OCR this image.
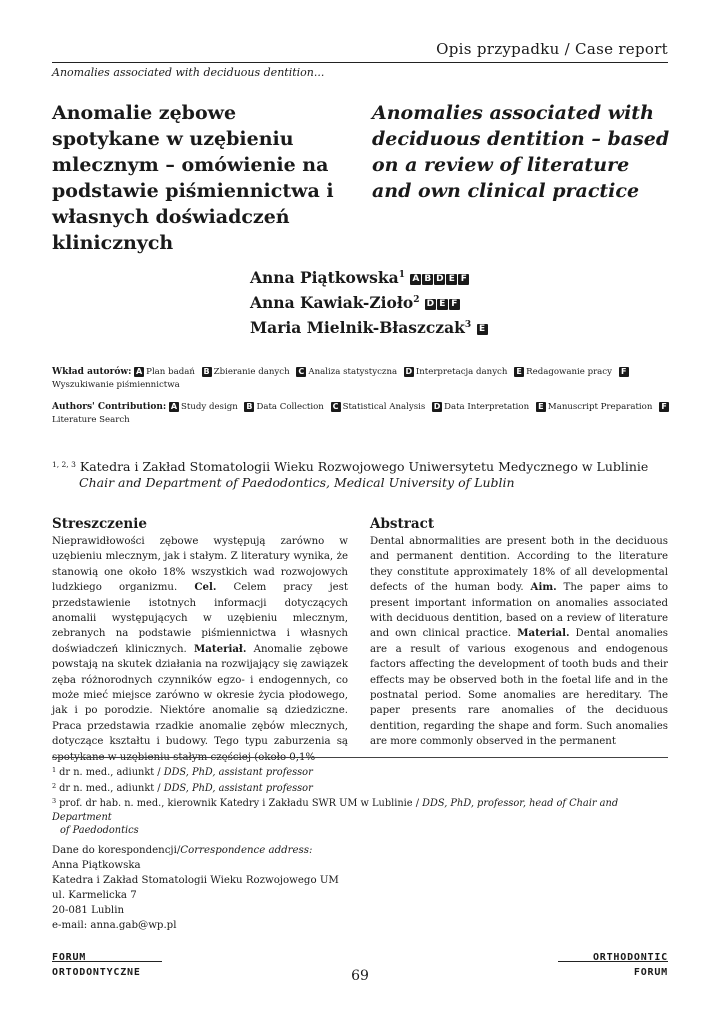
Opis przypadku / Case report
Anomalies associated with deciduous dentition...
Anomalie zębowe spotykane w uzębieniu mlecznym – omówienie na podstawie piśmiennictwa i własnych doświadczeń klinicznych
Anomalies associated with deciduous dentition – based on a review of literature and own clinical practice
Anna Piątkowska$^1$ A B D E F
Anna Kawiak-Zioło$^2$ D E F
Maria Mielnik-Błaszczak$^3$ E
Wkład autorów: A Plan badań B Zbieranie danych C Analiza statystyczna D Interpretacja danych E Redagowanie pracy FWyszukiwanie piśmiennictwa
Authors' Contribution: A Study design B Data Collection C Statistical Analysis D Data Interpretation E Manuscript Preparation FLiterature Search
$^{1, 2, 3}$ Katedra i Zakład Stomatologii Wieku Rozwojowego Uniwersytetu Medycznego w Lublinie
Chair and Department of Paedodontics, Medical University of Lublin
Streszczenie
Nieprawidłowości zębowe występują zarówno w uzębieniu mlecznym, jak i stałym. Z literatury wynika, że stanowią one około 18% wszystkich wad rozwojowych ludzkiego organizmu. Cel. Celem pracy jest przedstawienie istotnych informacji dotyczących anomalii występujących w uzębieniu mlecznym, zebranych na podstawie piśmiennictwa i własnych doświadczeń klinicznych. Materiał. Anomalie zębowe powstają na skutek działania na rozwijający się zawiązek zęba różnorodnych czynników egzo- i endogennych, co może mieć miejsce zarówno w okresie życia płodowego, jak i po porodzie. Niektóre anomalie są dziedziczne. Praca przedstawia rzadkie anomalie zębów mlecznych, dotyczące kształtu i budowy. Tego typu zaburzenia są spotykane w uzębieniu stałym częściej (około 0,1%
Abstract
Dental abnormalities are present both in the deciduous and permanent dentition. According to the literature they constitute approximately 18% of all developmental defects of the human body. Aim. The paper aims to present important information on anomalies associated with deciduous dentition, based on a review of literature and own clinical practice. Material. Dental anomalies are a result of various exogenous and endogenous factors affecting the development of tooth buds and their effects may be observed both in the foetal life and in the postnatal period. Some anomalies are hereditary. The paper presents rare anomalies of the deciduous dentition, regarding the shape and form. Such anomalies are more commonly observed in the permanent
$^1$ dr n. med., adiunkt / DDS, PhD, assistant professor
$^2$ dr n. med., adiunkt / DDS, PhD, assistant professor
$^3$ prof. dr hab. n. med., kierownik Katedry i Zakładu SWR UM w Lublinie / DDS, PhD, professor, head of Chair and Department
of Paedodontics
Dane do korespondencji/Correspondence address:
Anna Piątkowska
Katedra i Zakład Stomatologii Wieku Rozwojowego UM
ul. Karmelicka 7
20-081 Lublin
e-mail: anna.gab@wp.pl
FORUM
ORTODONTYCZNE
ORTHODONTIC
FORUM
69
